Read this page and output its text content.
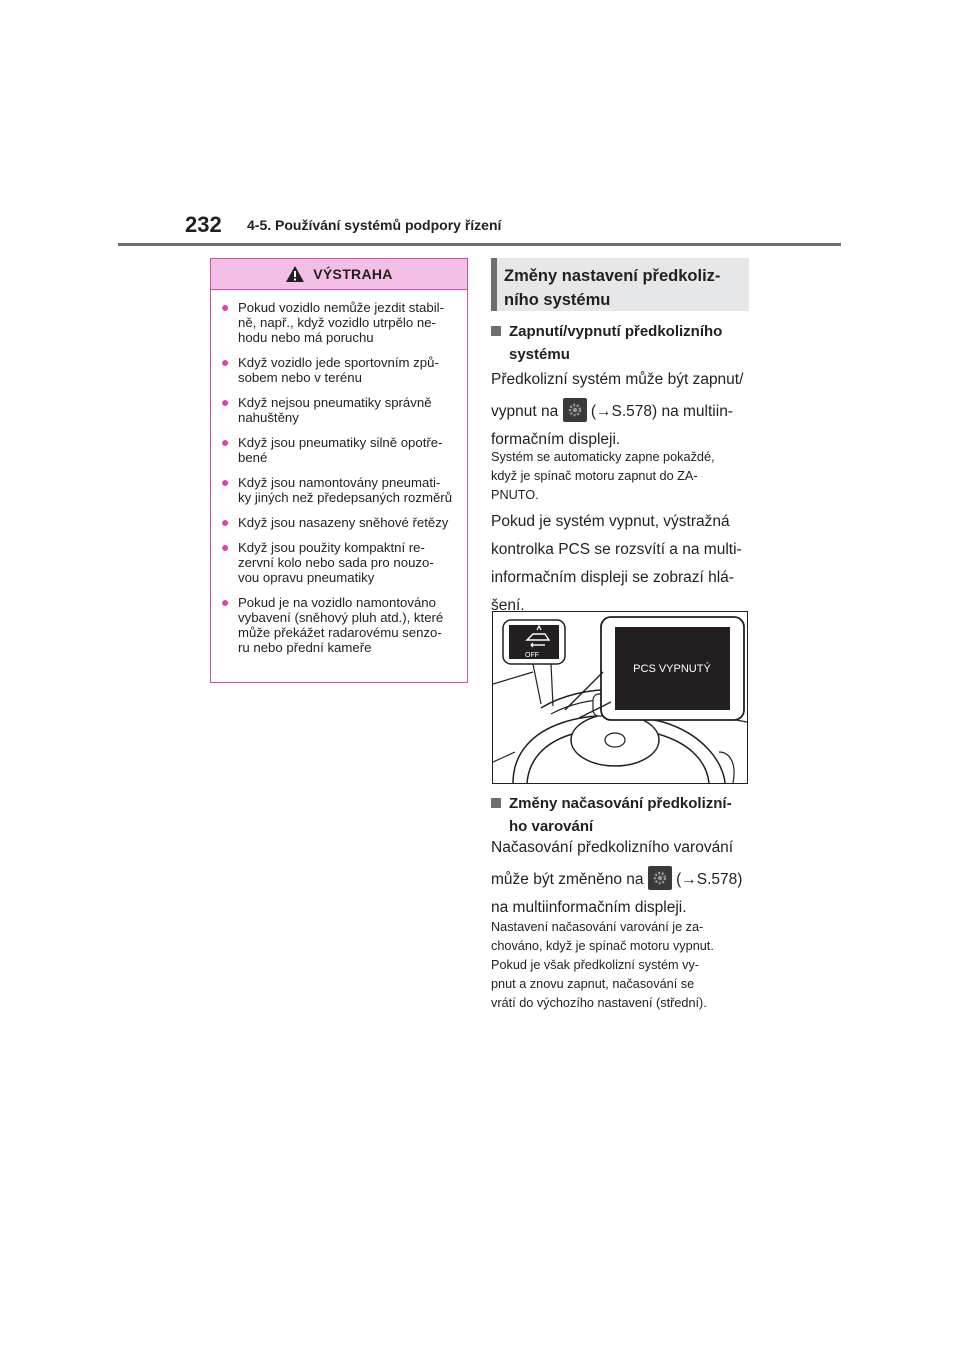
232 4-5. Používání systémů podpory řízení
VÝSTRAHA
● Pokud vozidlo nemůže jezdit stabil-
ně, např., když vozidlo utrpělo ne-
hodu nebo má poruchu
● Když vozidlo jede sportovním způ-
sobem nebo v terénu
● Když nejsou pneumatiky správně
nahuštěny
● Když jsou pneumatiky silně opotře-
bené
● Když jsou namontovány pneumati-
ky jiných než předepsaných rozměrů
● Když jsou nasazeny sněhové řetězy
● Když jsou použity kompaktní re-
zervní kolo nebo sada pro nouzo-
vou opravu pneumatiky
● Pokud je na vozidlo namontováno
vybavení (sněhový pluh atd.), které
může překážet radarovému senzo-
ru nebo přední kameře
Změny nastavení předkoliz-
ního systému
Zapnutí/vypnutí předkolizního
systému
Předkolizní systém může být zapnut/
vypnut na
(→S.578) na multiin-
formačním displeji.
Systém se automaticky zapne pokaždé,
když je spínač motoru zapnut do ZA-
PNUTO.
Pokud je systém vypnut, výstražná
kontrolka PCS se rozsvítí a na multi-
informačním displeji se zobrazí hlá-
šení.
OFF
PCS VYPNUTÝ
Změny načasování předkolizní-
ho varování
Načasování předkolizního varování
může být změněno na
(→S.578)
na multiinformačním displeji.
Nastavení načasování varování je za-
chováno, když je spínač motoru vypnut.
Pokud je však předkolizní systém vy-
pnut a znovu zapnut, načasování se
vrátí do výchozího nastavení (střední).
